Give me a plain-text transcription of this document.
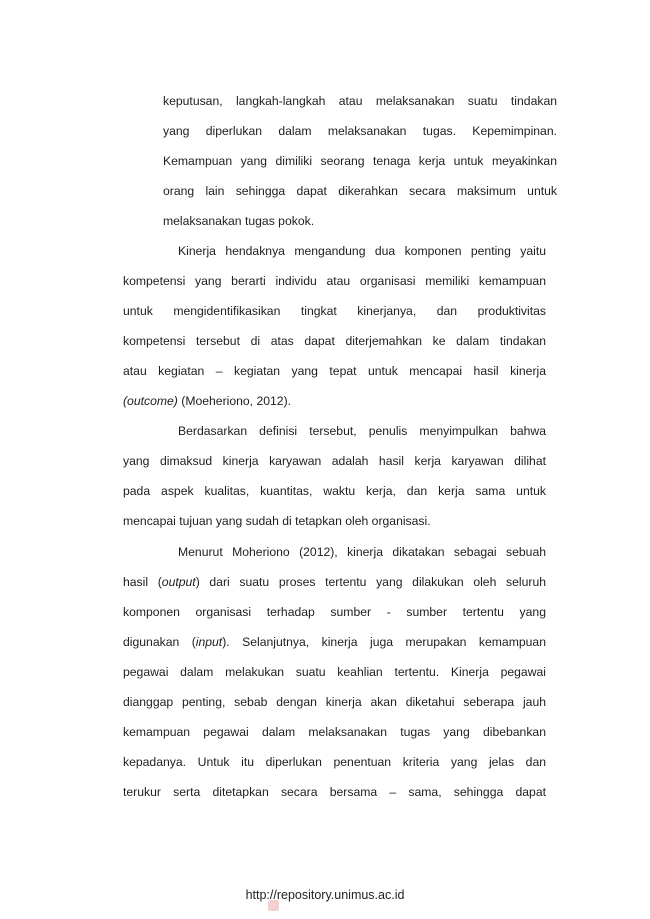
keputusan, langkah-langkah atau melaksanakan suatu tindakan
yang diperlukan dalam melaksanakan tugas. Kepemimpinan.
Kemampuan yang dimiliki seorang tenaga kerja untuk meyakinkan
orang lain sehingga dapat dikerahkan secara maksimum untuk
melaksanakan tugas pokok.
Kinerja hendaknya mengandung dua komponen penting yaitu
kompetensi yang berarti individu atau organisasi memiliki kemampuan
untuk mengidentifikasikan tingkat kinerjanya, dan produktivitas
kompetensi tersebut di atas dapat diterjemahkan ke dalam tindakan
atau kegiatan – kegiatan yang tepat untuk mencapai hasil kinerja
(outcome) (Moeheriono, 2012).
Berdasarkan definisi tersebut, penulis menyimpulkan bahwa
yang dimaksud kinerja karyawan adalah hasil kerja karyawan dilihat
pada aspek kualitas, kuantitas, waktu kerja, dan kerja sama untuk
mencapai tujuan yang sudah di tetapkan oleh organisasi.
Menurut Moheriono (2012), kinerja dikatakan sebagai sebuah
hasil (output) dari suatu proses tertentu yang dilakukan oleh seluruh
komponen organisasi terhadap sumber - sumber tertentu yang
digunakan (input). Selanjutnya, kinerja juga merupakan kemampuan
pegawai dalam melakukan suatu keahlian tertentu. Kinerja pegawai
dianggap penting, sebab dengan kinerja akan diketahui seberapa jauh
kemampuan pegawai dalam melaksanakan tugas yang dibebankan
kepadanya. Untuk itu diperlukan penentuan kriteria yang jelas dan
terukur serta ditetapkan secara bersama – sama, sehingga dapat
http://repository.unimus.ac.id
